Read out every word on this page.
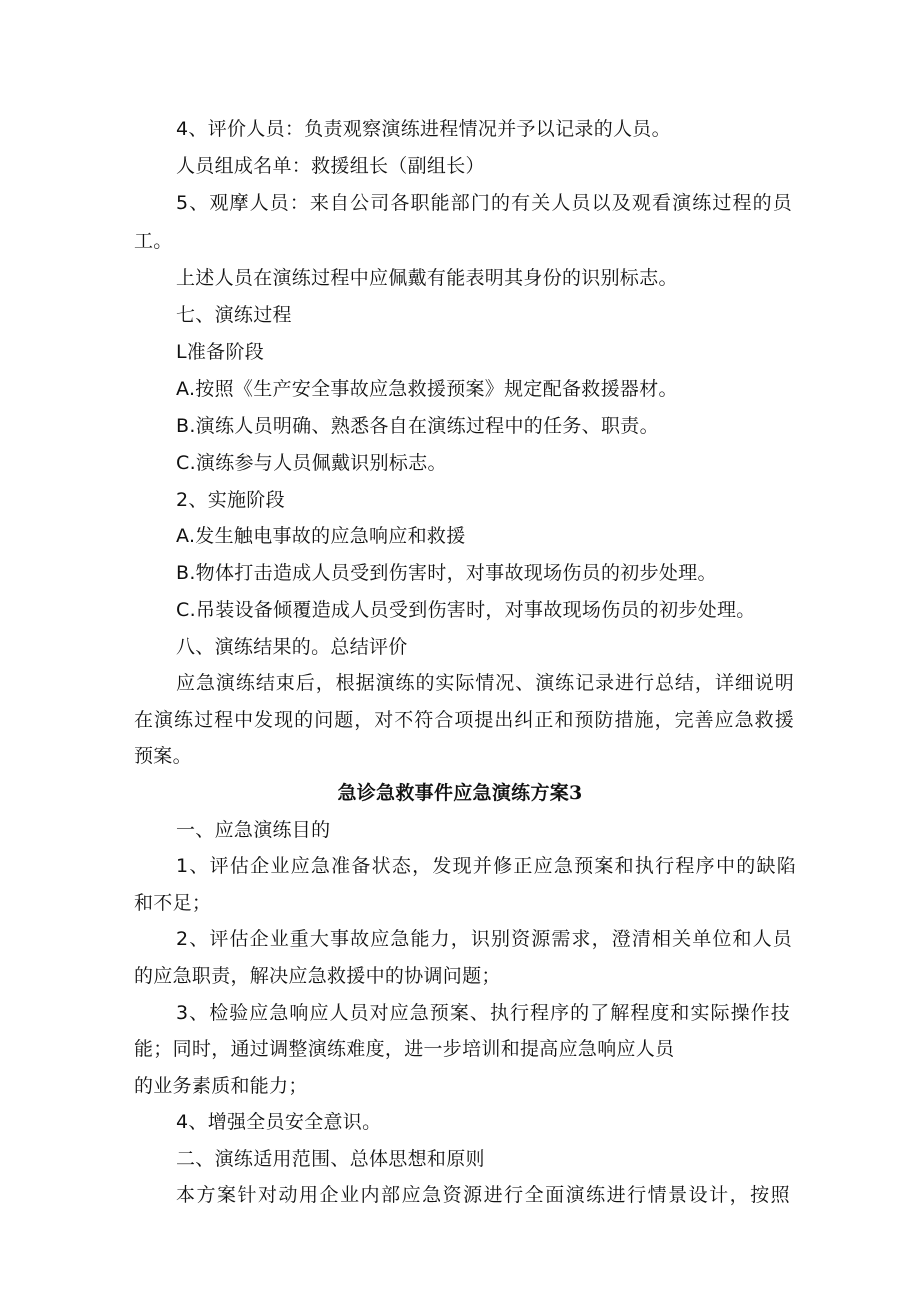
4、评价人员：负责观察演练进程情况并予以记录的人员。
人员组成名单：救援组长（副组长）
5、观摩人员：来自公司各职能部门的有关人员以及观看演练过程的员
工。
上述人员在演练过程中应佩戴有能表明其身份的识别标志。
七、演练过程
L准备阶段
A.按照《生产安全事故应急救援预案》规定配备救援器材。
B.演练人员明确、熟悉各自在演练过程中的任务、职责。
C.演练参与人员佩戴识别标志。
2、实施阶段
A.发生触电事故的应急响应和救援
B.物体打击造成人员受到伤害时，对事故现场伤员的初步处理。
C.吊装设备倾覆造成人员受到伤害时，对事故现场伤员的初步处理。
八、演练结果的。总结评价
应急演练结束后，根据演练的实际情况、演练记录进行总结，详细说明
在演练过程中发现的问题，对不符合项提出纠正和预防措施，完善应急救援
预案。
急诊急救事件应急演练方案3
一、应急演练目的
1、评估企业应急准备状态，发现并修正应急预案和执行程序中的缺陷
和不足；
2、评估企业重大事故应急能力，识别资源需求，澄清相关单位和人员
的应急职责，解决应急救援中的协调问题；
3、检验应急响应人员对应急预案、执行程序的了解程度和实际操作技
能；同时，通过调整演练难度，进一步培训和提高应急响应人员
的业务素质和能力；
4、增强全员安全意识。
二、演练适用范围、总体思想和原则
本方案针对动用企业内部应急资源进行全面演练进行情景设计，按照
